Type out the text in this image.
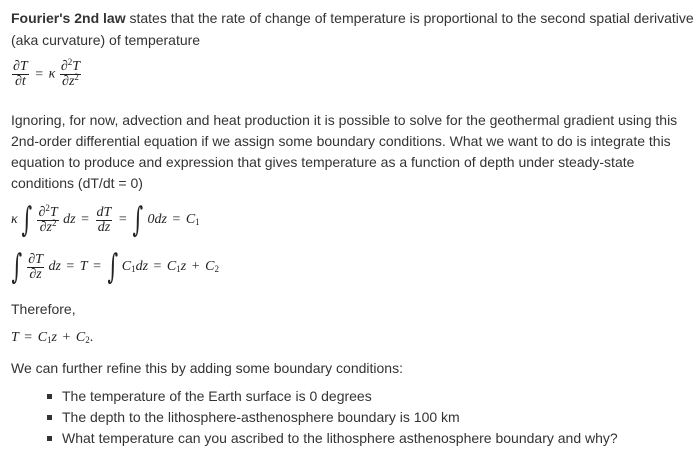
Fourier's 2nd law states that the rate of change of temperature is proportional to the second spatial derivative

(aka curvature) of temperature

$\frac{\partial T}{\partial t} = \kappa \frac{\partial^2T}{\partial z^2}$

Ignoring, for now, advection and heat production it is possible to solve for the geothermal gradient using this

2nd-order differential equation if we assign some boundary conditions. What we want to do is integrate this

equation to produce and expression that gives temperature as a function of depth under steady-state

conditions (dT/dt = 0)

κ ∫ $\frac{\partial^2T}{\partial z^2}$ dz = $\frac{dT}{dz}$ = ∫ 0dz = C1
∫ $\frac{\partial T}{\partial z}$ dz = T = ∫ C1dz = C1z + C2

Therefore,

T = C1z + C2.

We can further refine this by adding some boundary conditions:

The temperature of the Earth surface is 0 degrees
The depth to the lithosphere-asthenosphere boundary is 100 km
What temperature can you ascribed to the lithosphere asthenosphere boundary and why?
